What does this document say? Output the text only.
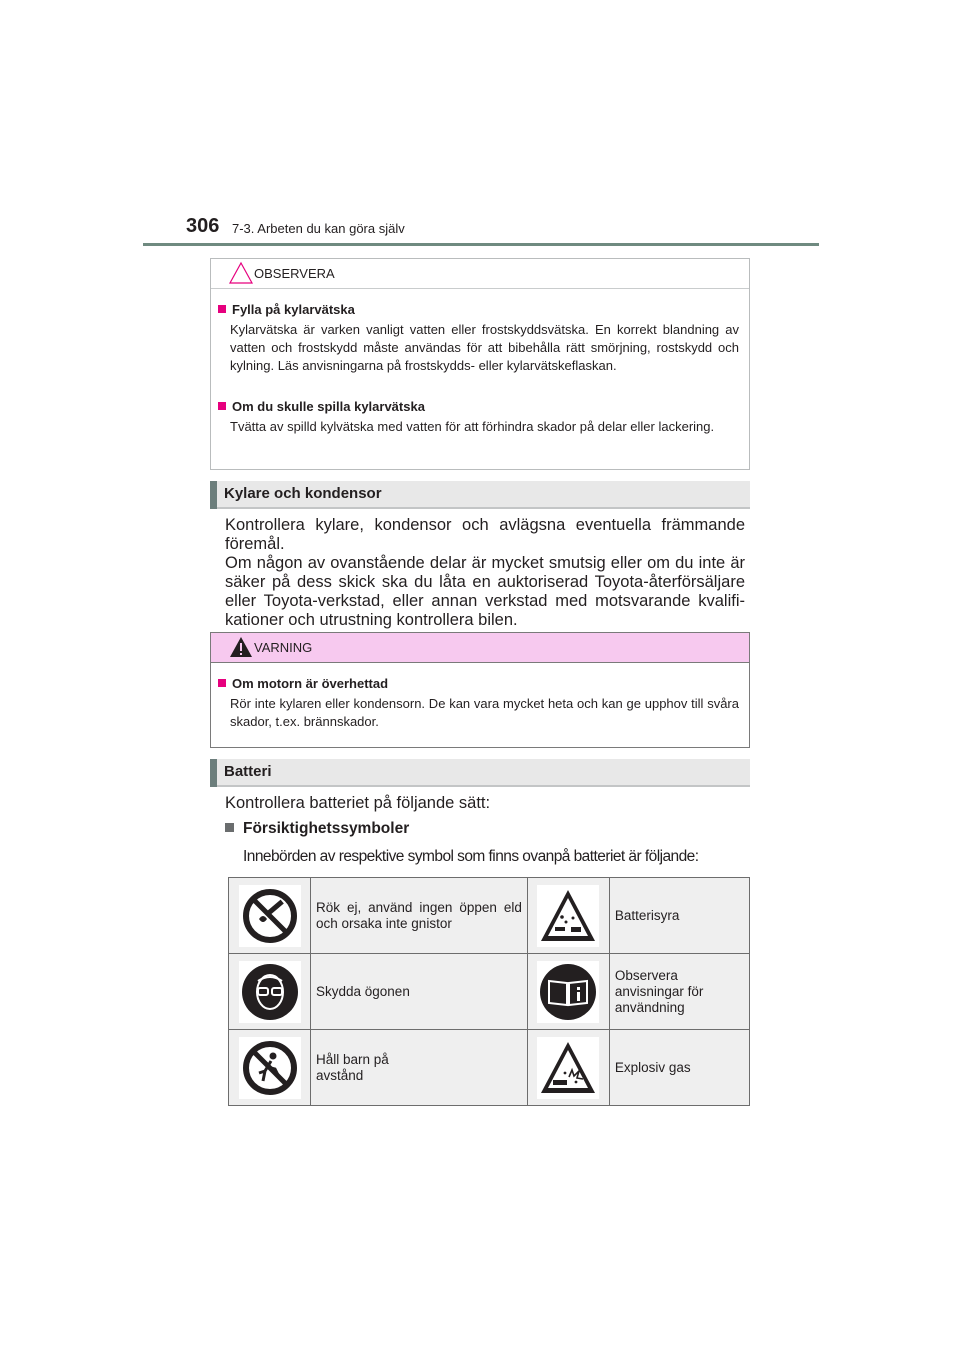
306 7-3. Arbeten du kan göra själv
OBSERVERA
Fylla på kylarvätska
Kylarvätska är varken vanligt vatten eller frostskyddsvätska. En korrekt blandning av vatten och frostskydd måste användas för att bibehålla rätt smörjning, rostskydd och kylning. Läs anvisningarna på frostskydds- eller kylarvätskeflaskan.
Om du skulle spilla kylarvätska
Tvätta av spilld kylvätska med vatten för att förhindra skador på delar eller lackering.
Kylare och kondensor
Kontrollera kylare, kondensor och avlägsna eventuella främmande föremål.
Om någon av ovanstående delar är mycket smutsig eller om du inte är säker på dess skick ska du låta en auktoriserad Toyota-återförsäljare eller Toyota-verkstad, eller annan verkstad med motsvarande kvalifikationer och utrustning kontrollera bilen.
VARNING
Om motorn är överhettad
Rör inte kylaren eller kondensorn. De kan vara mycket heta och kan ge upphov till svåra skador, t.ex. brännskador.
Batteri
Kontrollera batteriet på följande sätt:
Försiktighetssymboler
Innebörden av respektive symbol som finns ovanpå batteriet är följande:
	Rök ej, använd ingen öppen eld och orsaka inte gnistor		Batterisyra

	Skydda ögonen		Observera anvisningar för användning

	Håll barn på avstånd		Explosiv gas
